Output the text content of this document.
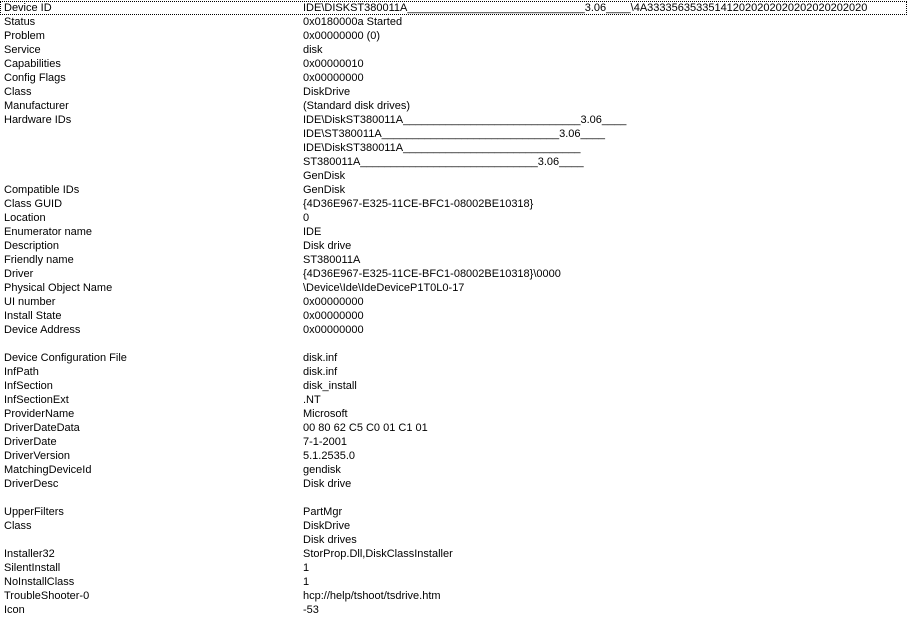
Device ID	IDE\DISKST380011A_____________________________3.06____\4A333356353351412020202020202020202020
Status	0x0180000a Started
Problem	0x00000000 (0)
Service	disk
Capabilities	0x00000010
Config Flags	0x00000000
Class	DiskDrive
Manufacturer	(Standard disk drives)
Hardware IDs	IDE\DiskST380011A_____________________________3.06____
IDE\ST380011A_____________________________3.06____
IDE\DiskST380011A_____________________________
ST380011A_____________________________3.06____
GenDisk
Compatible IDs	GenDisk
Class GUID	{4D36E967-E325-11CE-BFC1-08002BE10318}
Location	0
Enumerator name	IDE
Description	Disk drive
Friendly name	ST380011A
Driver	{4D36E967-E325-11CE-BFC1-08002BE10318}\0000
Physical Object Name	\Device\Ide\IdeDeviceP1T0L0-17
UI number	0x00000000
Install State	0x00000000
Device Address	0x00000000
Device Configuration File	disk.inf
InfPath	disk.inf
InfSection	disk_install
InfSectionExt	.NT
ProviderName	Microsoft
DriverDateData	00 80 62 C5 C0 01 C1 01
DriverDate	7-1-2001
DriverVersion	5.1.2535.0
MatchingDeviceId	gendisk
DriverDesc	Disk drive
UpperFilters	PartMgr
Class	DiskDrive
Disk drives
Installer32	StorProp.Dll,DiskClassInstaller
SilentInstall	1
NoInstallClass	1
TroubleShooter-0	hcp://help/tshoot/tsdrive.htm
Icon	-53
